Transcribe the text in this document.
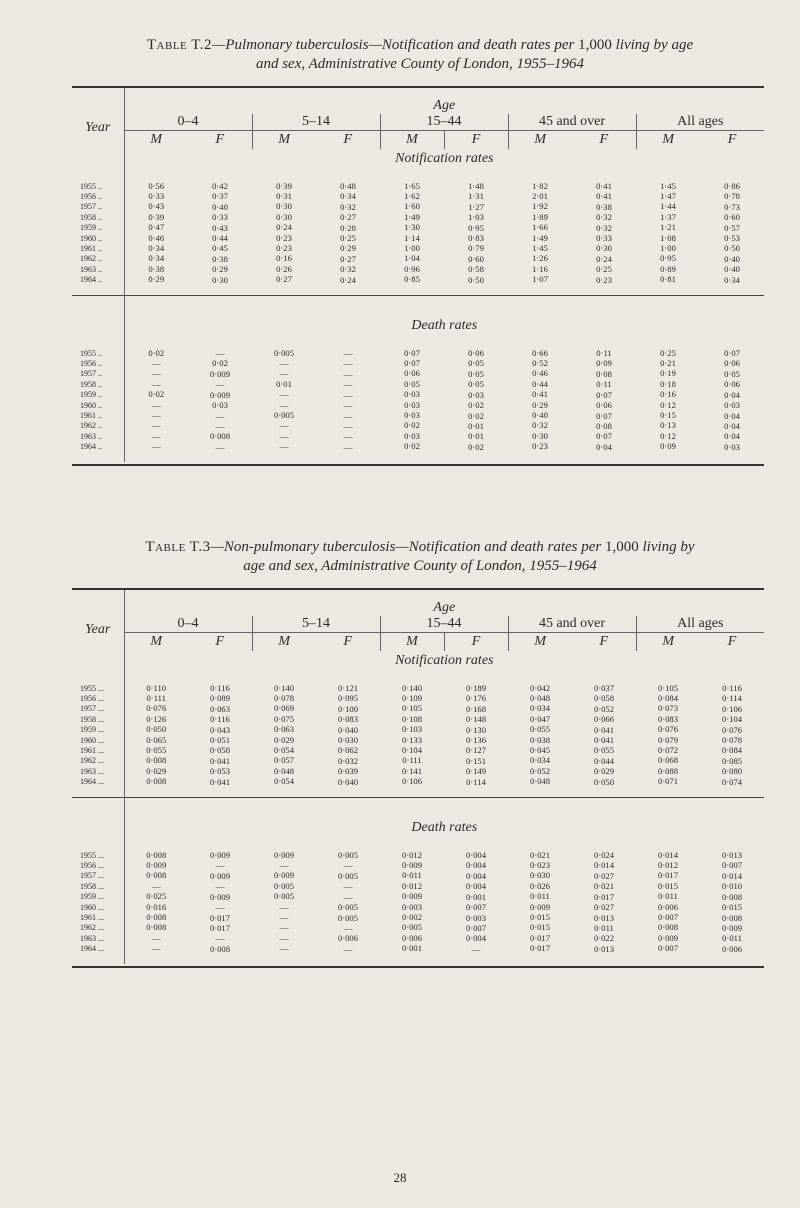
Table T.2—Pulmonary tuberculosis—Notification and death rates per 1,000 living by age
and sex, Administrative County of London, 1955–1964
Year	Age									
	0–4		5–14		15–44		45 and over		All ages	
	M	F	M	F	M	F	M	F	M	F
	Notification rates									

1955 ..	0·56	0·42	0·39	0·48	1·65	1·48	1·82	0·41	1·45	0·86
1956 ..	0·33	0·37	0·31	0·34	1·62	1·31	2·01	0·41	1·47	0·78
1957 ..	0·43	0·40	0·30	0·32	1·60	1·27	1·92	0·38	1·44	0·73
1958 ..	0·39	0·33	0·30	0·27	1·49	1·03	1·89	0·32	1·37	0·60
1959 ..	0·47	0·43	0·24	0·28	1·30	0·95	1·66	0·32	1·21	0·57
1960 ..	0·46	0·44	0·23	0·25	1·14	0·83	1·49	0·33	1·08	0·53
1961 ..	0·34	0·45	0·23	0·29	1·00	0·79	1·45	0·30	1·00	0·50
1962 ..	0·34	0·38	0·16	0·27	1·04	0·60	1·26	0·24	0·95	0·40
1963 ..	0·38	0·29	0·26	0·32	0·96	0·58	1·16	0·25	0·89	0·40
1964 ..	0·29	0·30	0·27	0·24	0·85	0·50	1·07	0·23	0·81	0·34

	Death rates									

1955 ..	0·02	—	0·005	—	0·07	0·06	0·66	0·11	0·25	0·07
1956 ..	—	0·02	—	—	0·07	0·05	0·52	0·09	0·21	0·06
1957 ..	—	0·009	—	—	0·06	0·05	0·46	0·08	0·19	0·05
1958 ..	—	—	0·01	—	0·05	0·05	0·44	0·11	0·18	0·06
1959 ..	0·02	0·009	—	—	0·03	0·03	0·41	0·07	0·16	0·04
1960 ..	—	0·03	—	—	0·03	0·02	0·29	0·06	0·12	0·03
1961 ..	—	—	0·005	—	0·03	0·02	0·40	0·07	0·15	0·04
1962 ..	—	—	—	—	0·02	0·01	0·32	0·08	0·13	0·04
1963 ..	—	0·008	—	—	0·03	0·01	0·30	0·07	0·12	0·04
1964 ..	—	—	—	—	0·02	0·02	0·23	0·04	0·09	0·03

Table T.3—Non-pulmonary tuberculosis—Notification and death rates per 1,000 living by
age and sex, Administrative County of London, 1955–1964
Year	Age									
	0–4		5–14		15–44		45 and over		All ages	
	M	F	M	F	M	F	M	F	M	F
	Notification rates									

1955 ...	0·110	0·116	0·140	0·121	0·140	0·189	0·042	0·037	0·105	0·116
1956 ...	0·111	0·089	0·078	0·095	0·109	0·176	0·048	0·058	0·084	0·114
1957 ...	0·076	0·063	0·069	0·100	0·105	0·168	0·034	0·052	0·073	0·106
1958 ...	0·126	0·116	0·075	0·083	0·108	0·148	0·047	0·066	0·083	0·104
1959 ...	0·050	0·043	0·063	0·040	0·103	0·130	0·055	0·041	0·076	0·076
1960 ...	0·065	0·051	0·029	0·030	0·133	0·136	0·038	0·041	0·079	0·078
1961 ...	0·055	0·058	0·054	0·062	0·104	0·127	0·045	0·055	0·072	0·084
1962 ...	0·008	0·041	0·057	0·032	0·111	0·151	0·034	0·044	0·068	0·085
1963 ...	0·029	0·053	0·048	0·039	0·141	0·149	0·052	0·029	0·088	0·080
1964 ...	0·008	0·041	0·054	0·040	0·106	0·114	0·048	0·050	0·071	0·074

	Death rates									

1955 ...	0·008	0·009	0·009	0·005	0·012	0·004	0·021	0·024	0·014	0·013
1956 ...	0·009	—	—	—	0·009	0·004	0·023	0·014	0·012	0·007
1957 ...	0·008	0·009	0·009	0·005	0·011	0·004	0·030	0·027	0·017	0·014
1958 ...	—	—	0·005	—	0·012	0·004	0·026	0·021	0·015	0·010
1959 ...	0·025	0·009	0·005	—	0·009	0·001	0·011	0·017	0·011	0·008
1960 ...	0·016	—	—	0·005	0·003	0·007	0·009	0·027	0·006	0·015
1961 ...	0·008	0·017	—	0·005	0·002	0·003	0·015	0·013	0·007	0·008
1962 ...	0·008	0·017	—	—	0·005	0·007	0·015	0·011	0·008	0·009
1963 ...	—	—	—	0·006	0·006	0·004	0·017	0·022	0·009	0·011
1964 ...	—	0·008	—	—	0·001	—	0·017	0·013	0·007	0·006

28
